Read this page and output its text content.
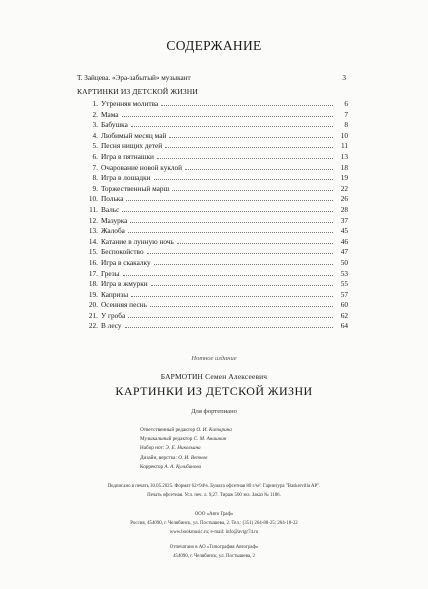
СОДЕРЖАНИЕ
Т. Зайцева. «Эра-забытый» музыкант	3
КАРТИНКИ ИЗ ДЕТСКОЙ ЖИЗНИ
1. Утренняя молитва	6
2. Мама	7
3. Бабушка	8
4. Любимый месяц май	10
5. Песня нищих детей	11
6. Игра в пятнашки	13
7. Очарование новой куклой	18
8. Игра в лошадки	19
9. Торжественный марш	22
10. Полька	26
11. Вальс	28
12. Мазурка	37
13. Жалоба	45
14. Катание в лунную ночь	46
15. Беспокойство	47
16. Игра в скакалку	50
17. Грезы	53
18. Игра в жмурки	55
19. Капризы	57
20. Осенняя песнь	60
21. У гроба	62
22. В лесу	64
Нотное издание
БАРМОТИН Семен Алексеевич
КАРТИНКИ ИЗ ДЕТСКОЙ ЖИЗНИ
Для фортепиано
Ответственный редактор О. И. Катарина
Музыкальный редактор С. М. Анашкин
Набор нот: Э. Е. Никольина
Дизайн, верстка: О. И. Ветнов
Корректор А. А. Кульбинова
Подписано в печать 30.05.2025. Формат 62×94⅛. Бумага офсетная 80 г/м². Гарнитура "Baskervilla AP".
Печать офсетная. Усл. печ. л. 9,27. Тираж 500 экз. Заказ № 1186.
ООО «Авто Граф»
Россия, 454090, г. Челябинск, ул. Постышева, 2. Тел.: (351) 264-88-25; 264-18-22
www.bookmusic.ru; e-mail: info@avtgr74.ru
Отпечатано в АО «Типография Автограф»
454090, г. Челябинск, ул. Постышева, 2
